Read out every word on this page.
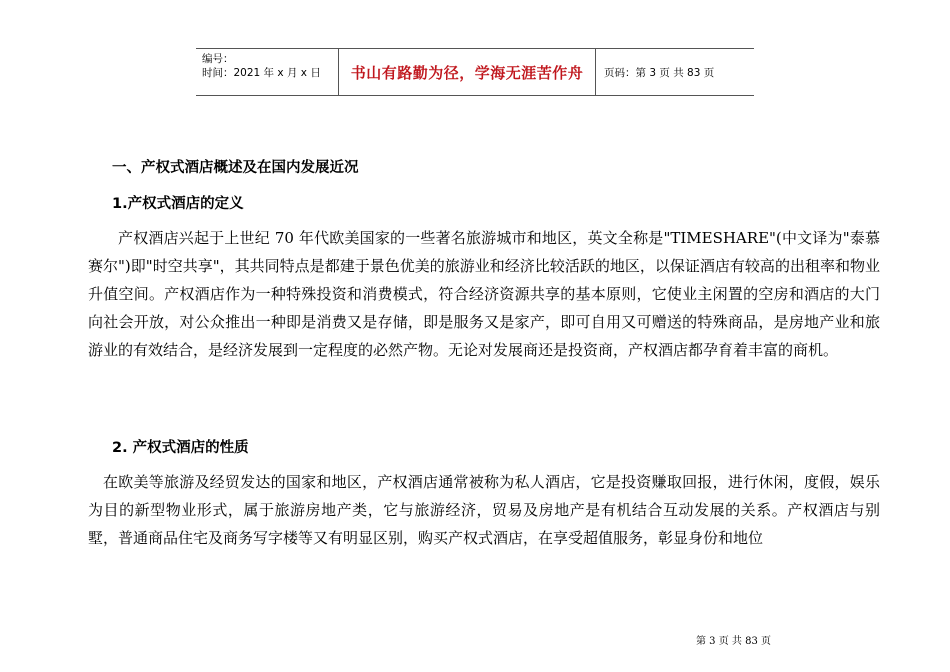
编号：
时间：2021 年 x 月 x 日	书山有路勤为径，学海无涯苦作舟	页码：第 3 页 共 83 页
一、产权式酒店概述及在国内发展近况
1.产权式酒店的定义

产权酒店兴起于上世纪 70 年代欧美国家的一些著名旅游城市和地区，英文全称是"TIMESHARE"(中文译为"泰慕赛尔")即"时空共享"，其共同特点是都建于景色优美的旅游业和经济比较活跃的地区，以保证酒店有较高的出租率和物业升值空间。产权酒店作为一种特殊投资和消费模式，符合经济资源共享的基本原则，它使业主闲置的空房和酒店的大门向社会开放，对公众推出一种即是消费又是存储，即是服务又是家产，即可自用又可赠送的特殊商品，是房地产业和旅游业的有效结合，是经济发展到一定程度的必然产物。无论对发展商还是投资商，产权酒店都孕育着丰富的商机。

2. 产权式酒店的性质

在欧美等旅游及经贸发达的国家和地区，产权酒店通常被称为私人酒店，它是投资赚取回报，进行休闲，度假，娱乐为目的新型物业形式，属于旅游房地产类，它与旅游经济，贸易及房地产是有机结合互动发展的关系。产权酒店与别墅，普通商品住宅及商务写字楼等又有明显区别，购买产权式酒店，在享受超值服务，彰显身份和地位

第 3 页 共 83 页
